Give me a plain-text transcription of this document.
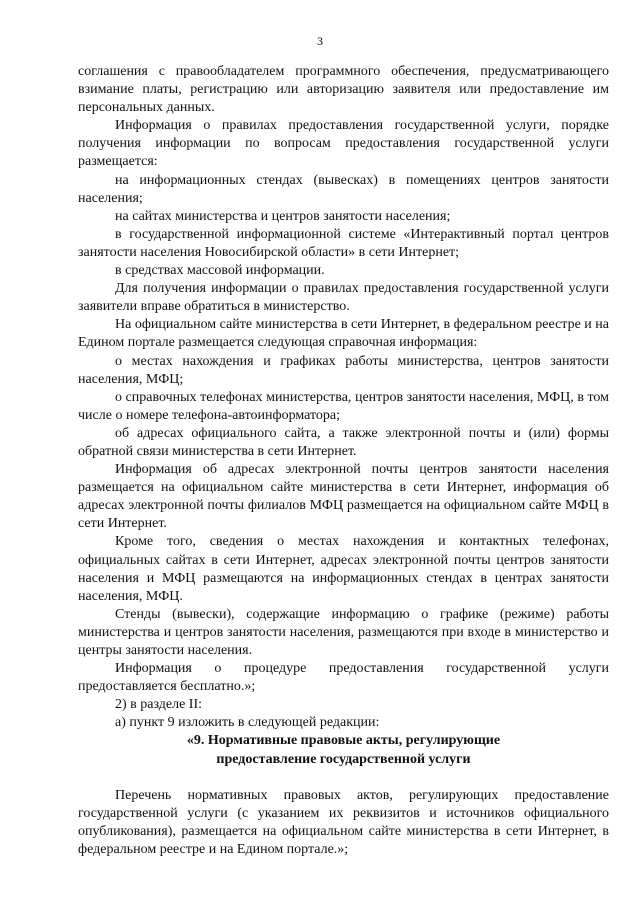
3

соглашения с правообладателем программного обеспечения, предусматривающего взимание платы, регистрацию или авторизацию заявителя или предоставление им персональных данных.

Информация о правилах предоставления государственной услуги, порядке получения информации по вопросам предоставления государственной услуги размещается:

на информационных стендах (вывесках) в помещениях центров занятости населения;

на сайтах министерства и центров занятости населения;

в государственной информационной системе «Интерактивный портал центров занятости населения Новосибирской области» в сети Интернет;

в средствах массовой информации.

Для получения информации о правилах предоставления государственной услуги заявители вправе обратиться в министерство.

На официальном сайте министерства в сети Интернет, в федеральном реестре и на Едином портале размещается следующая справочная информация:

о местах нахождения и графиках работы министерства, центров занятости населения, МФЦ;

о справочных телефонах министерства, центров занятости населения, МФЦ, в том числе о номере телефона-автоинформатора;

об адресах официального сайта, а также электронной почты и (или) формы обратной связи министерства в сети Интернет.

Информация об адресах электронной почты центров занятости населения размещается на официальном сайте министерства в сети Интернет, информация об адресах электронной почты филиалов МФЦ размещается на официальном сайте МФЦ в сети Интернет.

Кроме того, сведения о местах нахождения и контактных телефонах, официальных сайтах в сети Интернет, адресах электронной почты центров занятости населения и МФЦ размещаются на информационных стендах в центрах занятости населения, МФЦ.

Стенды (вывески), содержащие информацию о графике (режиме) работы министерства и центров занятости населения, размещаются при входе в министерство и центры занятости населения.

Информация о процедуре предоставления государственной услуги предоставляется бесплатно.»;

2) в разделе II:

а) пункт 9 изложить в следующей редакции:

«9. Нормативные правовые акты, регулирующие

предоставление государственной услуги

Перечень нормативных правовых актов, регулирующих предоставление государственной услуги (с указанием их реквизитов и источников официального опубликования), размещается на официальном сайте министерства в сети Интернет, в федеральном реестре и на Едином портале.»;
